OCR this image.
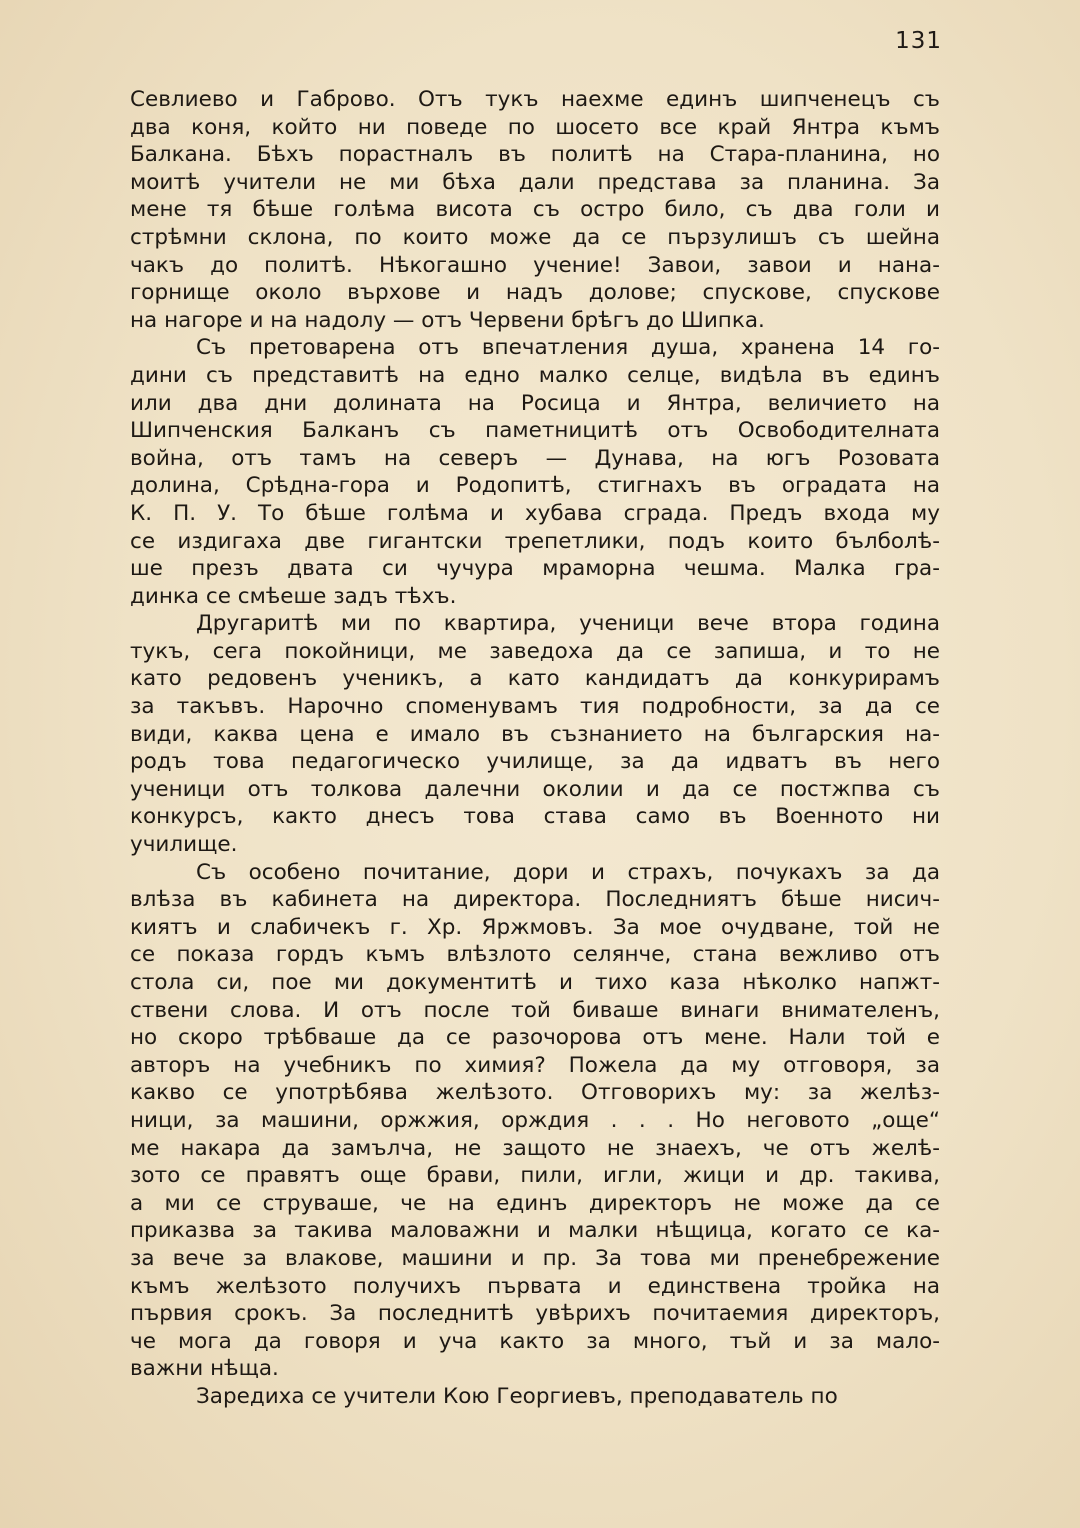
131
Севлиево и Габрово. Отъ тукъ наехме единъ шипченецъ съ
два коня, който ни поведе по шосето все край Янтра къмъ
Балкана. Бѣхъ порастналъ въ политѣ на Стара-планина, но
моитѣ учители не ми бѣха дали представа за планина. За
мене тя бѣше голѣма висота съ остро било, съ два голи и
стрѣмни склона, по които може да се пързулишъ съ шейна
чакъ до политѣ. Нѣкогашно учение! Завои, завои и нана-
горнище около върхове и надъ долове; спускове, спускове
на нагоре и на надолу — отъ Червени брѣгъ до Шипка.
Съ претоварена отъ впечатления душа, хранена 14 го-
дини съ представитѣ на едно малко селце, видѣла въ единъ
или два дни долината на Росица и Янтра, величието на
Шипченския Балканъ съ паметницитѣ отъ Освободителната
война, отъ тамъ на северъ — Дунава, на югъ Розовата
долина, Срѣдна-гора и Родопитѣ, стигнахъ въ оградата на
К. П. У. То бѣше голѣма и хубава сграда. Предъ входа му
се издигаха две гигантски трепетлики, подъ които бълболѣ-
ше презъ двата си чучура мраморна чешма. Малка гра-
динка се смѣеше задъ тѣхъ.
Другаритѣ ми по квартира, ученици вече втора година
тукъ, сега покойници, ме заведоха да се запиша, и то не
като редовенъ ученикъ, а като кандидатъ да конкурирамъ
за такъвъ. Нарочно споменувамъ тия подробности, за да се
види, каква цена е имало въ съзнанието на българския на-
родъ това педагогическо училище, за да идватъ въ него
ученици отъ толкова далечни околии и да се постжпва съ
конкурсъ, както днесъ това става само въ Военното ни
училище.
Съ особено почитание, дори и страхъ, почукахъ за да
влѣза въ кабинета на директора. Последниятъ бѣше нисич-
киятъ и слабичекъ г. Хр. Яржмовъ. За мое очудване, той не
се показа гордъ къмъ влѣзлото селянче, стана вежливо отъ
стола си, пое ми документитѣ и тихо каза нѣколко напжт-
ствени слова. И отъ после той биваше винаги внимателенъ,
но скоро трѣбваше да се разочорова отъ мене. Нали той е
авторъ на учебникъ по химия? Пожела да му отговоря, за
какво се употрѣбява желѣзото. Отговорихъ му: за желѣз-
ници, за машини, оржжия, орждия . . . Но неговото „още“
ме накара да замълча, не защото не знаехъ, че отъ желѣ-
зото се правятъ още брави, пили, игли, жици и др. такива,
а ми се струваше, че на единъ директоръ не може да се
приказва за такива маловажни и малки нѣщица, когато се ка-
за вече за влакове, машини и пр. За това ми пренебрежение
къмъ желѣзото получихъ първата и единствена тройка на
първия срокъ. За последнитѣ увѣрихъ почитаемия директоръ,
че мога да говоря и уча както за много, тъй и за мало-
важни нѣща.
Заредиха се учители Кою Георгиевъ, преподаватель по
